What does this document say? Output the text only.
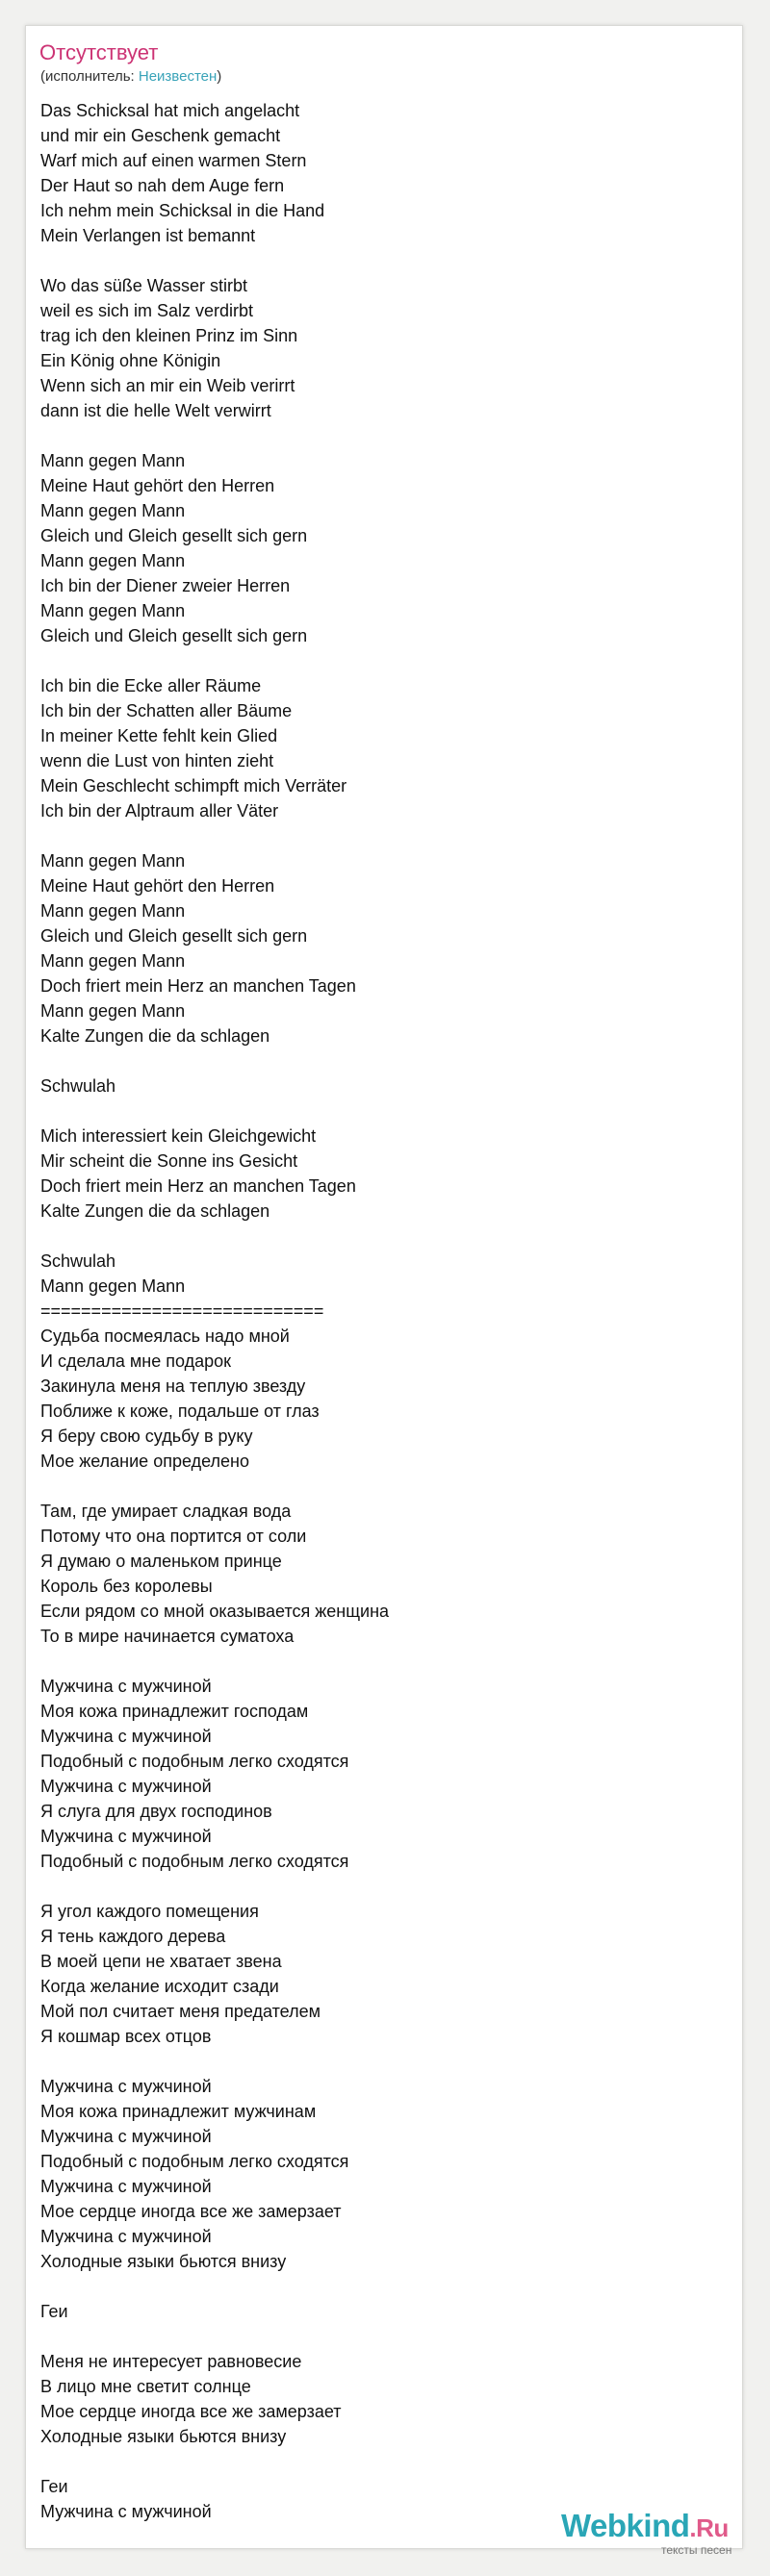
Отсутствует
(исполнитель: Неизвестен)
Das Schicksal hat mich angelacht
und mir ein Geschenk gemacht
Warf mich auf einen warmen Stern
Der Haut so nah dem Auge fern
Ich nehm mein Schicksal in die Hand
Mein Verlangen ist bemannt
Wo das süße Wasser stirbt
weil es sich im Salz verdirbt
trag ich den kleinen Prinz im Sinn
Ein König ohne Königin
Wenn sich an mir ein Weib verirrt
dann ist die helle Welt verwirrt
Mann gegen Mann
Meine Haut gehört den Herren
Mann gegen Mann
Gleich und Gleich gesellt sich gern
Mann gegen Mann
Ich bin der Diener zweier Herren
Mann gegen Mann
Gleich und Gleich gesellt sich gern
Ich bin die Ecke aller Räume
Ich bin der Schatten aller Bäume
In meiner Kette fehlt kein Glied
wenn die Lust von hinten zieht
Mein Geschlecht schimpft mich Verräter
Ich bin der Alptraum aller Väter
Mann gegen Mann
Meine Haut gehört den Herren
Mann gegen Mann
Gleich und Gleich gesellt sich gern
Mann gegen Mann
Doch friert mein Herz an manchen Tagen
Mann gegen Mann
Kalte Zungen die da schlagen
Schwulah
Mich interessiert kein Gleichgewicht
Mir scheint die Sonne ins Gesicht
Doch friert mein Herz an manchen Tagen
Kalte Zungen die da schlagen
Schwulah
Mann gegen Mann
============================
Судьба посмеялась надо мной
И сделала мне подарок
Закинула меня на теплую звезду
Поближе к коже, подальше от глаз
Я беру свою судьбу в руку
Мое желание определено
Там, где умирает сладкая вода
Потому что она портится от соли
Я думаю о маленьком принце
Король без королевы
Если рядом со мной оказывается женщина
То в мире начинается суматоха
Мужчина с мужчиной
Моя кожа принадлежит господам
Мужчина с мужчиной
Подобный с подобным легко сходятся
Мужчина с мужчиной
Я слуга для двух господинов
Мужчина с мужчиной
Подобный с подобным легко сходятся
Я угол каждого помещения
Я тень каждого дерева
В моей цепи не хватает звена
Когда желание исходит сзади
Мой пол считает меня предателем
Я кошмар всех отцов
Мужчина с мужчиной
Моя кожа принадлежит мужчинам
Мужчина с мужчиной
Подобный с подобным легко сходятся
Мужчина с мужчиной
Мое сердце иногда все же замерзает
Мужчина с мужчиной
Холодные языки бьются внизу
Геи
Меня не интересует равновесие
В лицо мне светит солнце
Мое сердце иногда все же замерзает
Холодные языки бьются внизу
Геи
Мужчина с мужчиной	Webkind.Ru
тексты песен
